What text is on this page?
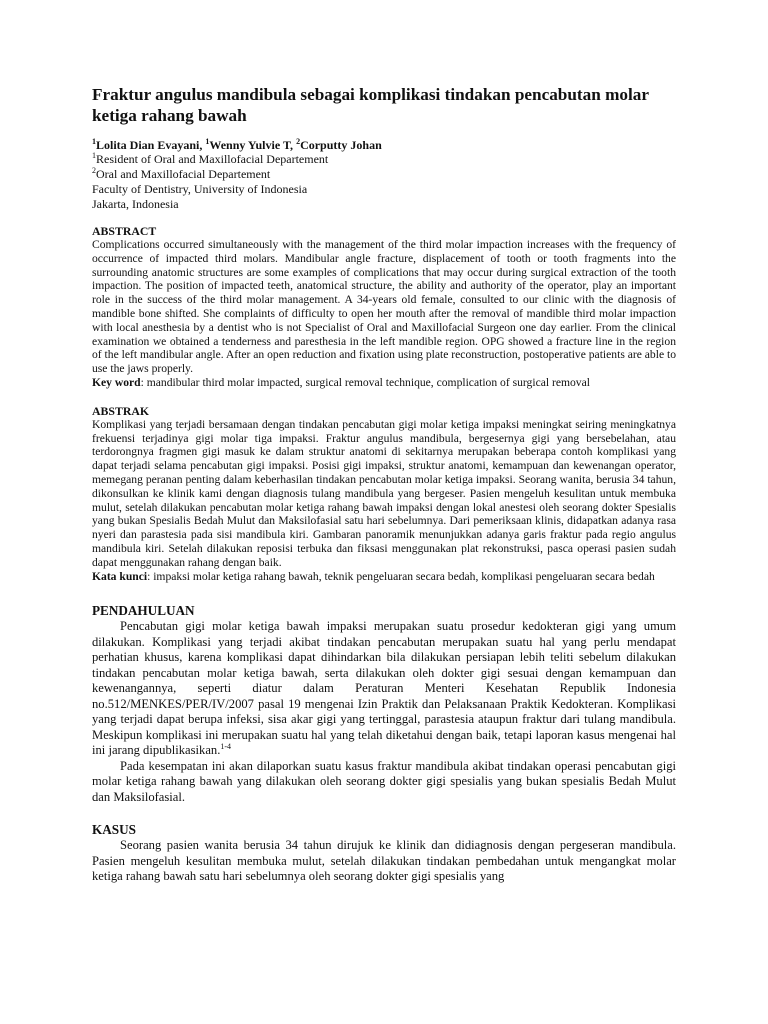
Fraktur angulus mandibula sebagai komplikasi tindakan pencabutan molar ketiga rahang bawah

$^1$Lolita Dian Evayani, $^1$Wenny Yulvie T, $^2$Corputty Johan

$^1$Resident of Oral and Maxillofacial Departement

$^2$Oral and Maxillofacial Departement

Faculty of Dentistry, University of Indonesia

Jakarta, Indonesia

ABSTRACT

Complications occurred simultaneously with the management of the third molar impaction increases with the frequency of occurrence of impacted third molars. Mandibular angle fracture, displacement of tooth or tooth fragments into the surrounding anatomic structures are some examples of complications that may occur during surgical extraction of the tooth impaction. The position of impacted teeth, anatomical structure, the ability and authority of the operator, play an important role in the success of the third molar management. A 34-years old female, consulted to our clinic with the diagnosis of mandible bone shifted. She complaints of difficulty to open her mouth after the removal of mandible third molar impaction with local anesthesia by a dentist who is not Specialist of Oral and Maxillofacial Surgeon one day earlier. From the clinical examination we obtained a tenderness and paresthesia in the left mandible region. OPG showed a fracture line in the region of the left mandibular angle. After an open reduction and fixation using plate reconstruction, postoperative patients are able to use the jaws properly.

Key word: mandibular third molar impacted, surgical removal technique, complication of surgical removal

ABSTRAK

Komplikasi yang terjadi bersamaan dengan tindakan pencabutan gigi molar ketiga impaksi meningkat seiring meningkatnya frekuensi terjadinya gigi molar tiga impaksi. Fraktur angulus mandibula, bergesernya gigi yang bersebelahan, atau terdorongnya fragmen gigi masuk ke dalam struktur anatomi di sekitarnya merupakan beberapa contoh komplikasi yang dapat terjadi selama pencabutan gigi impaksi. Posisi gigi impaksi, struktur anatomi, kemampuan dan kewenangan operator, memegang peranan penting dalam keberhasilan tindakan pencabutan molar ketiga impaksi. Seorang wanita, berusia 34 tahun, dikonsulkan ke klinik kami dengan diagnosis tulang mandibula yang bergeser. Pasien mengeluh kesulitan untuk membuka mulut, setelah dilakukan pencabutan molar ketiga rahang bawah impaksi dengan lokal anestesi oleh seorang dokter Spesialis yang bukan Spesialis Bedah Mulut dan Maksilofasial satu hari sebelumnya. Dari pemeriksaan klinis, didapatkan adanya rasa nyeri dan parastesia pada sisi mandibula kiri. Gambaran panoramik menunjukkan adanya garis fraktur pada regio angulus mandibula kiri. Setelah dilakukan reposisi terbuka dan fiksasi menggunakan plat rekonstruksi, pasca operasi pasien sudah dapat menggunakan rahang dengan baik.

Kata kunci: impaksi molar ketiga rahang bawah, teknik pengeluaran secara bedah, komplikasi pengeluaran secara bedah

PENDAHULUAN

Pencabutan gigi molar ketiga bawah impaksi merupakan suatu prosedur kedokteran gigi yang umum dilakukan. Komplikasi yang terjadi akibat tindakan pencabutan merupakan suatu hal yang perlu mendapat perhatian khusus, karena komplikasi dapat dihindarkan bila dilakukan persiapan lebih teliti sebelum dilakukan tindakan pencabutan molar ketiga bawah, serta dilakukan oleh dokter gigi sesuai dengan kemampuan dan kewenangannya, seperti diatur dalam Peraturan Menteri Kesehatan Republik Indonesia no.512/MENKES/PER/IV/2007 pasal 19 mengenai Izin Praktik dan Pelaksanaan Praktik Kedokteran. Komplikasi yang terjadi dapat berupa infeksi, sisa akar gigi yang tertinggal, parastesia ataupun fraktur dari tulang mandibula. Meskipun komplikasi ini merupakan suatu hal yang telah diketahui dengan baik, tetapi laporan kasus mengenai hal ini jarang dipublikasikan.$^{1-4}$

Pada kesempatan ini akan dilaporkan suatu kasus fraktur mandibula akibat tindakan operasi pencabutan gigi molar ketiga rahang bawah yang dilakukan oleh seorang dokter gigi spesialis yang bukan spesialis Bedah Mulut dan Maksilofasial.

KASUS

Seorang pasien wanita berusia 34 tahun dirujuk ke klinik dan didiagnosis dengan pergeseran mandibula. Pasien mengeluh kesulitan membuka mulut, setelah dilakukan tindakan pembedahan untuk mengangkat molar ketiga rahang bawah satu hari sebelumnya oleh seorang dokter gigi spesialis yang
